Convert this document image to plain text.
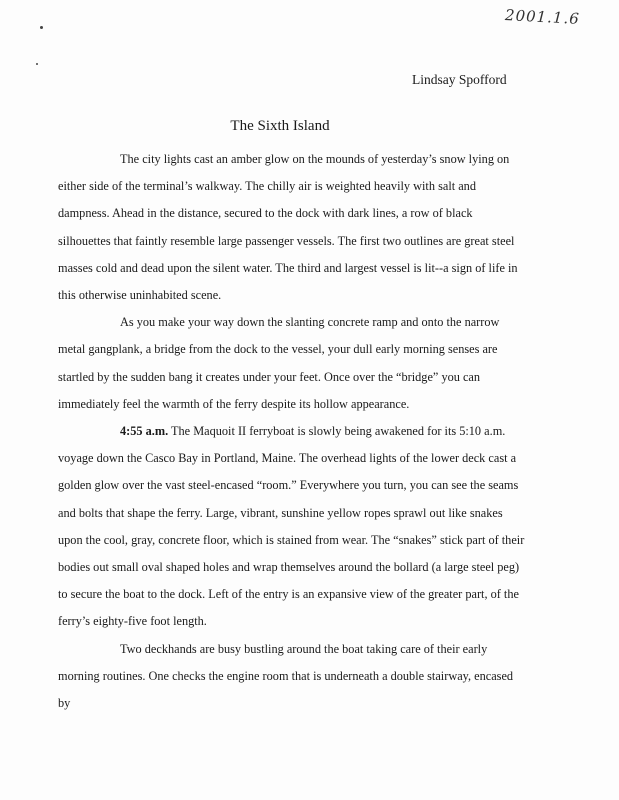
2001.1.6
Lindsay Spofford
The Sixth Island

The city lights cast an amber glow on the mounds of yesterday’s snow lying on either side of the terminal’s walkway. The chilly air is weighted heavily with salt and dampness. Ahead in the distance, secured to the dock with dark lines, a row of black silhouettes that faintly resemble large passenger vessels. The first two outlines are great steel masses cold and dead upon the silent water. The third and largest vessel is lit--a sign of life in this otherwise uninhabited scene.

As you make your way down the slanting concrete ramp and onto the narrow metal gangplank, a bridge from the dock to the vessel, your dull early morning senses are startled by the sudden bang it creates under your feet. Once over the “bridge” you can immediately feel the warmth of the ferry despite its hollow appearance.

4:55 a.m. The Maquoit II ferryboat is slowly being awakened for its 5:10 a.m. voyage down the Casco Bay in Portland, Maine. The overhead lights of the lower deck cast a golden glow over the vast steel-encased “room.” Everywhere you turn, you can see the seams and bolts that shape the ferry. Large, vibrant, sunshine yellow ropes sprawl out like snakes upon the cool, gray, concrete floor, which is stained from wear. The “snakes” stick part of their bodies out small oval shaped holes and wrap themselves around the bollard (a large steel peg) to secure the boat to the dock. Left of the entry is an expansive view of the greater part, of the ferry’s eighty-five foot length.

Two deckhands are busy bustling around the boat taking care of their early morning routines. One checks the engine room that is underneath a double stairway, encased by
